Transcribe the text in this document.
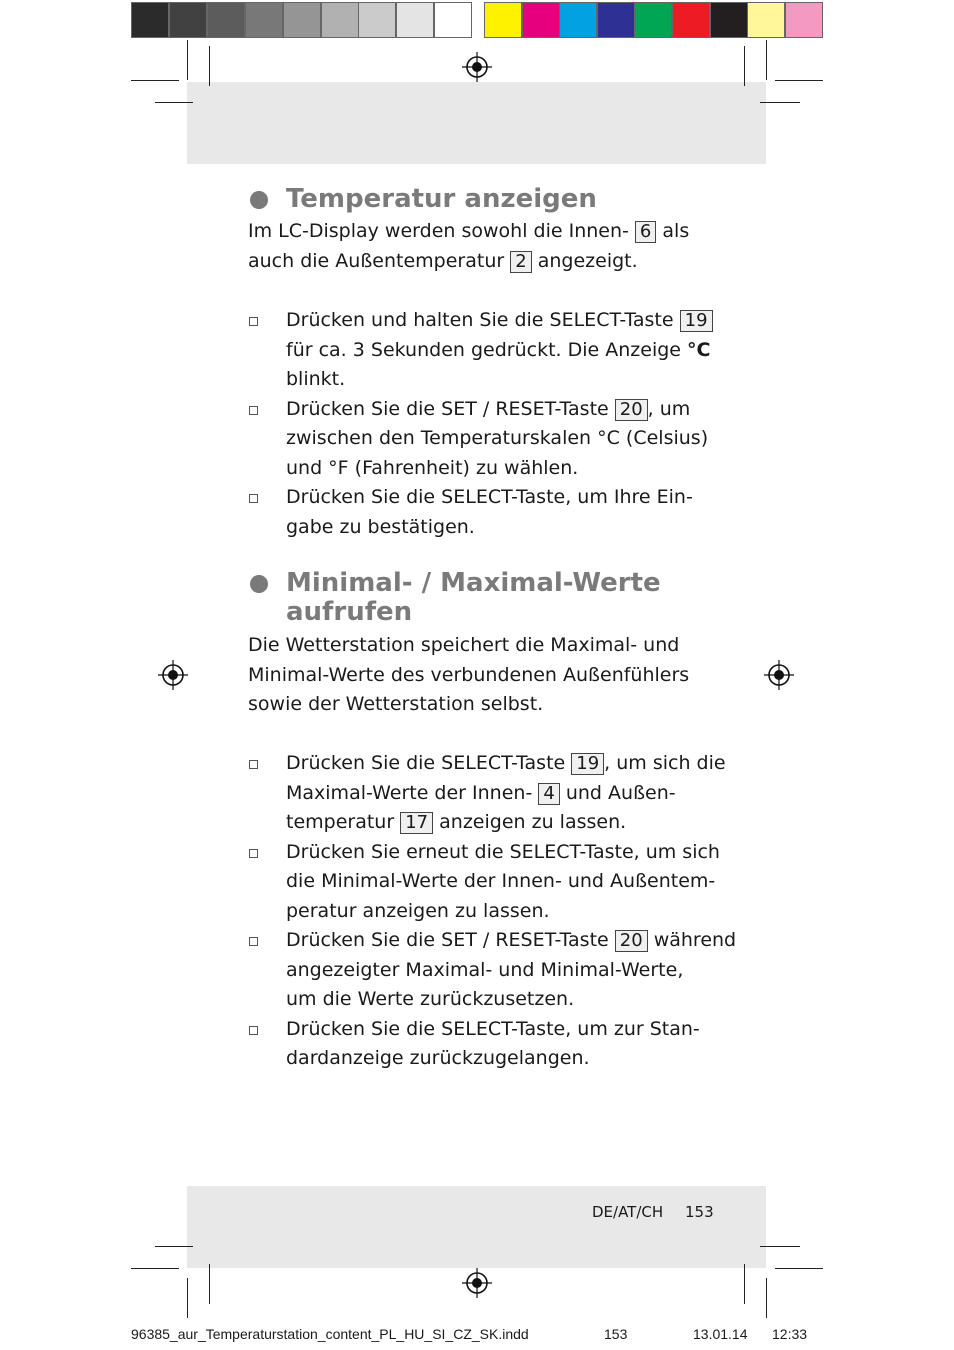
Temperatur anzeigen
Im LC-Display werden sowohl die Innen- 6 als
auch die Außentemperatur 2 angezeigt.
Drücken und halten Sie die SELECT-Taste 19
für ca. 3 Sekunden gedrückt. Die Anzeige °C
blinkt.
Drücken Sie die SET / RESET-Taste 20 , um
zwischen den Temperaturskalen °C (Celsius)
und °F (Fahrenheit) zu wählen.
Drücken Sie die SELECT-Taste, um Ihre Ein-
gabe zu bestätigen.
Minimal- / Maximal-Werte
aufrufen
Die Wetterstation speichert die Maximal- und
Minimal-Werte des verbundenen Außenfühlers
sowie der Wetterstation selbst.
Drücken Sie die SELECT-Taste 19 , um sich die
Maximal-Werte der Innen- 4 und Außen-
temperatur 17 anzeigen zu lassen.
Drücken Sie erneut die SELECT-Taste, um sich
die Minimal-Werte der Innen- und Außentem-
peratur anzeigen zu lassen.
Drücken Sie die SET / RESET-Taste 20 während
angezeigter Maximal- und Minimal-Werte,
um die Werte zurückzusetzen.
Drücken Sie die SELECT-Taste, um zur Stan-
dardanzeige zurückzugelangen.
DE/AT/CH 153
96385_aur_Temperaturstation_content_PL_HU_SI_CZ_SK.indd	153	13.01.14 12:33
